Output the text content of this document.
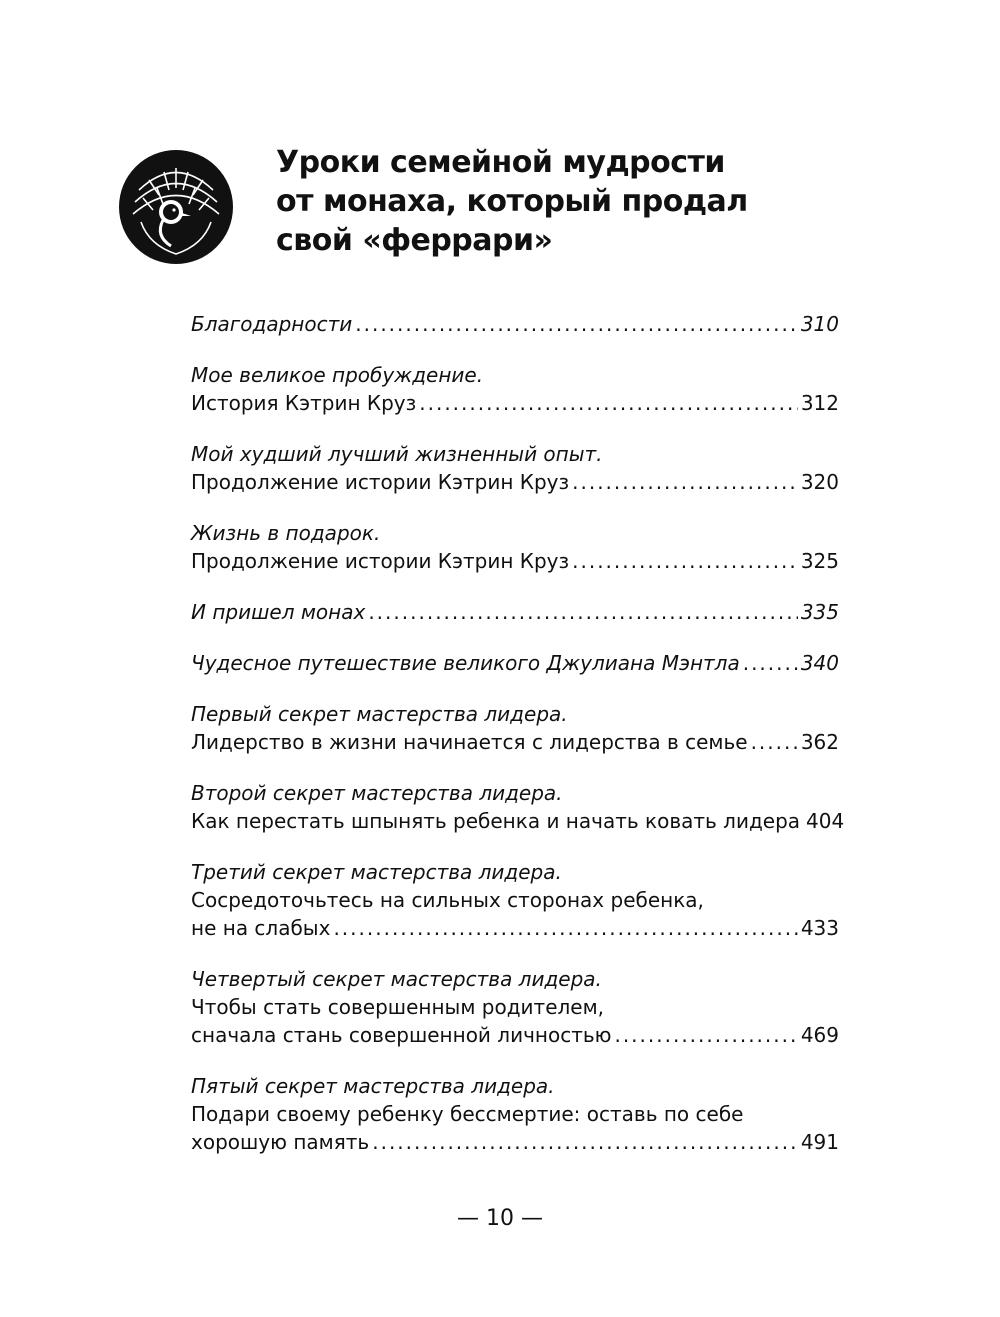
Уроки семейной мудрости
от монаха, который продал
свой «феррари»
Благодарности .....	310
Мое великое пробуждение.
История Кэтрин Круз .....	312
Мой худший лучший жизненный опыт.
Продолжение истории Кэтрин Круз .....	320
Жизнь в подарок.
Продолжение истории Кэтрин Круз .....	325
И пришел монах .....	335
Чудесное путешествие великого Джулиана Мэнтла .....	340
Первый секрет мастерства лидера.
Лидерство в жизни начинается с лидерства в семье .....	362
Второй секрет мастерства лидера.
Как перестать шпынять ребенка и начать ковать лидера 404
Третий секрет мастерства лидера.
Сосредоточьтесь на сильных сторонах ребенка,
не на слабых .....	433
Четвертый секрет мастерства лидера.
Чтобы стать совершенным родителем,
сначала стань совершенной личностью .....	469
Пятый секрет мастерства лидера.
Подари своему ребенку бессмертие: оставь по себе
хорошую память .....	491
— 10 —
